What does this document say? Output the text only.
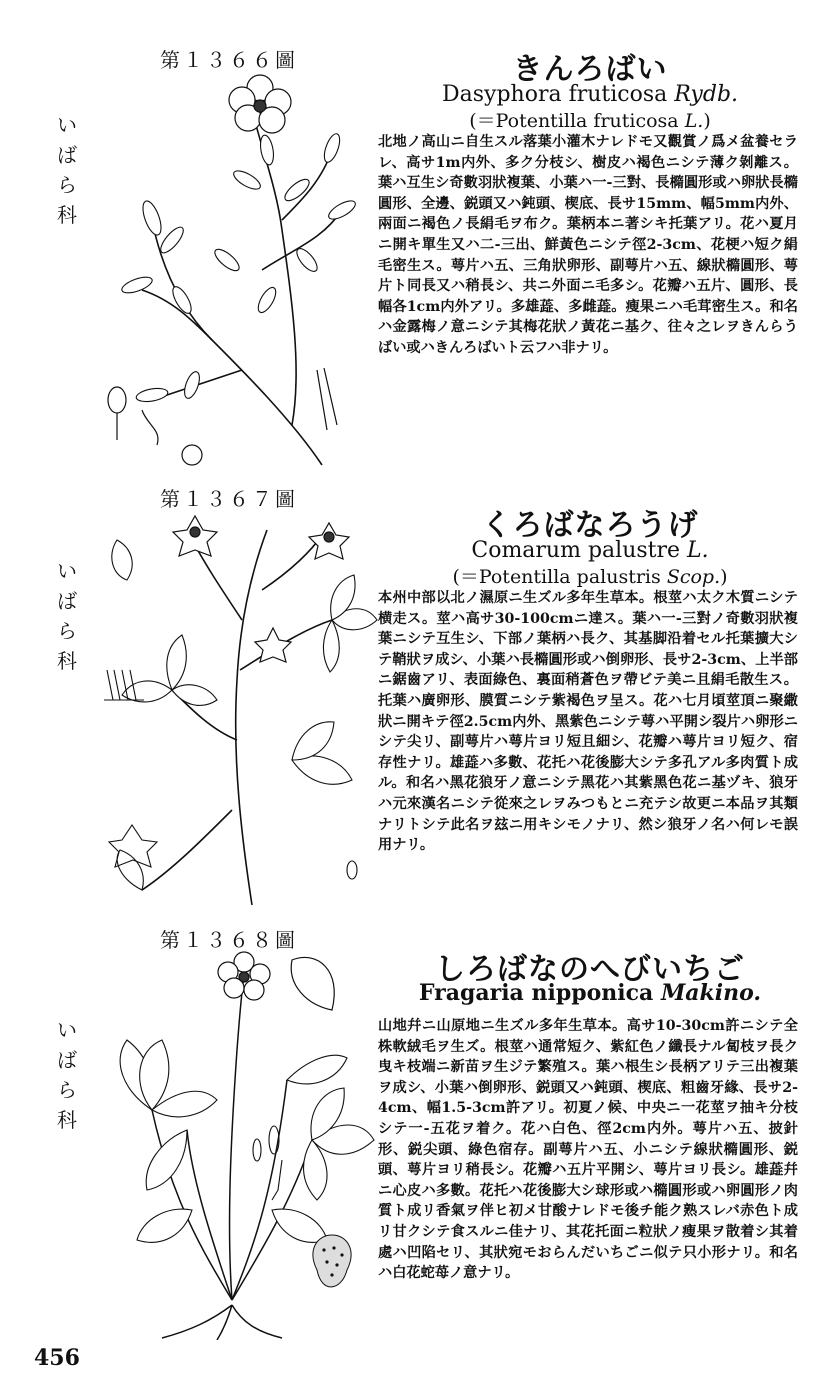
第１３６６圖
い
ば
ら
科
きんろばい
Dasyphora fruticosa Rydb.
(＝Potentilla fruticosa L.)
北地ノ高山ニ自生スル落葉小灌木ナレドモ又觀賞ノ爲メ盆養セラレ、高サ1m内外、多ク分枝シ、樹皮ハ褐色ニシテ薄ク剝離ス。葉ハ互生シ奇數羽狀複葉、小葉ハ一-三對、長橢圓形或ハ卵狀長橢圓形、全邊、鋭頭又ハ鈍頭、楔底、長サ15mm、幅5mm内外、兩面ニ褐色ノ長絹毛ヲ布ク。葉柄本ニ著シキ托葉アリ。花ハ夏月ニ開キ單生又ハ二-三出、鮮黃色ニシテ徑2-3cm、花梗ハ短ク絹毛密生ス。萼片ハ五、三角狀卵形、副萼片ハ五、線狀橢圓形、萼片ト同長又ハ稍長シ、共ニ外面ニ毛多シ。花瓣ハ五片、圓形、長幅各1cm内外アリ。多雄蕋、多雌蕋。瘦果ニハ毛茸密生ス。和名ハ金露梅ノ意ニシテ其梅花狀ノ黃花ニ基ク、往々之レヲきんらうばい或ハきんろばいト云フハ非ナリ。
第１３６７圖
い
ば
ら
科
くろばなろうげ
Comarum palustre L.
(＝Potentilla palustris Scop.)
本州中部以北ノ濕原ニ生ズル多年生草本。根莖ハ太ク木質ニシテ横走ス。莖ハ高サ30-100cmニ達ス。葉ハ一-三對ノ奇數羽狀複葉ニシテ互生シ、下部ノ葉柄ハ長ク、其基脚沿着セル托葉擴大シテ鞘狀ヲ成シ、小葉ハ長橢圓形或ハ倒卵形、長サ2-3cm、上半部ニ鋸齒アリ、表面綠色、裏面稍蒼色ヲ帶ビテ美ニ且絹毛散生ス。托葉ハ廣卵形、膜質ニシテ紫褐色ヲ呈ス。花ハ七月頃莖頂ニ聚繖狀ニ開キテ徑2.5cm内外、黑紫色ニシテ萼ハ平開シ裂片ハ卵形ニシテ尖リ、副萼片ハ萼片ヨリ短且細シ、花瓣ハ萼片ヨリ短ク、宿存性ナリ。雄蕋ハ多數、花托ハ花後膨大シテ多孔アル多肉質ト成ル。和名ハ黑花狼牙ノ意ニシテ黑花ハ其紫黑色花ニ基ヅキ、狼牙ハ元來漢名ニシテ從來之レヲみつもとニ充テシ故更ニ本品ヲ其類ナリトシテ此名ヲ玆ニ用キシモノナリ、然シ狼牙ノ名ハ何レモ誤用ナリ。
第１３６８圖
い
ば
ら
科
しろばなのへびいちご
Fragaria nipponica Makino.
山地幷ニ山原地ニ生ズル多年生草本。高サ10-30cm許ニシテ全株軟絨毛ヲ生ズ。根莖ハ通常短ク、紫紅色ノ纖長ナル匐枝ヲ長ク曳キ枝端ニ新苗ヲ生ジテ繁殖ス。葉ハ根生シ長柄アリテ三出複葉ヲ成シ、小葉ハ倒卵形、鋭頭又ハ鈍頭、楔底、粗齒牙緣、長サ2-4cm、幅1.5-3cm許アリ。初夏ノ候、中央ニ一花莖ヲ抽キ分枝シテ一-五花ヲ着ク。花ハ白色、徑2cm内外。萼片ハ五、披針形、鋭尖頭、綠色宿存。副萼片ハ五、小ニシテ線狀橢圓形、鋭頭、萼片ヨリ稍長シ。花瓣ハ五片平開シ、萼片ヨリ長シ。雄蕋幷ニ心皮ハ多數。花托ハ花後膨大シ球形或ハ橢圓形或ハ卵圓形ノ肉質ト成リ香氣ヲ伴ヒ初メ甘酸ナレドモ後チ能ク熟スレバ赤色ト成リ甘クシテ食スルニ佳ナリ、其花托面ニ粒狀ノ瘦果ヲ散着シ其着處ハ凹陷セリ、其狀宛モおらんだいちごニ似テ只小形ナリ。和名ハ白花蛇苺ノ意ナリ。
456
